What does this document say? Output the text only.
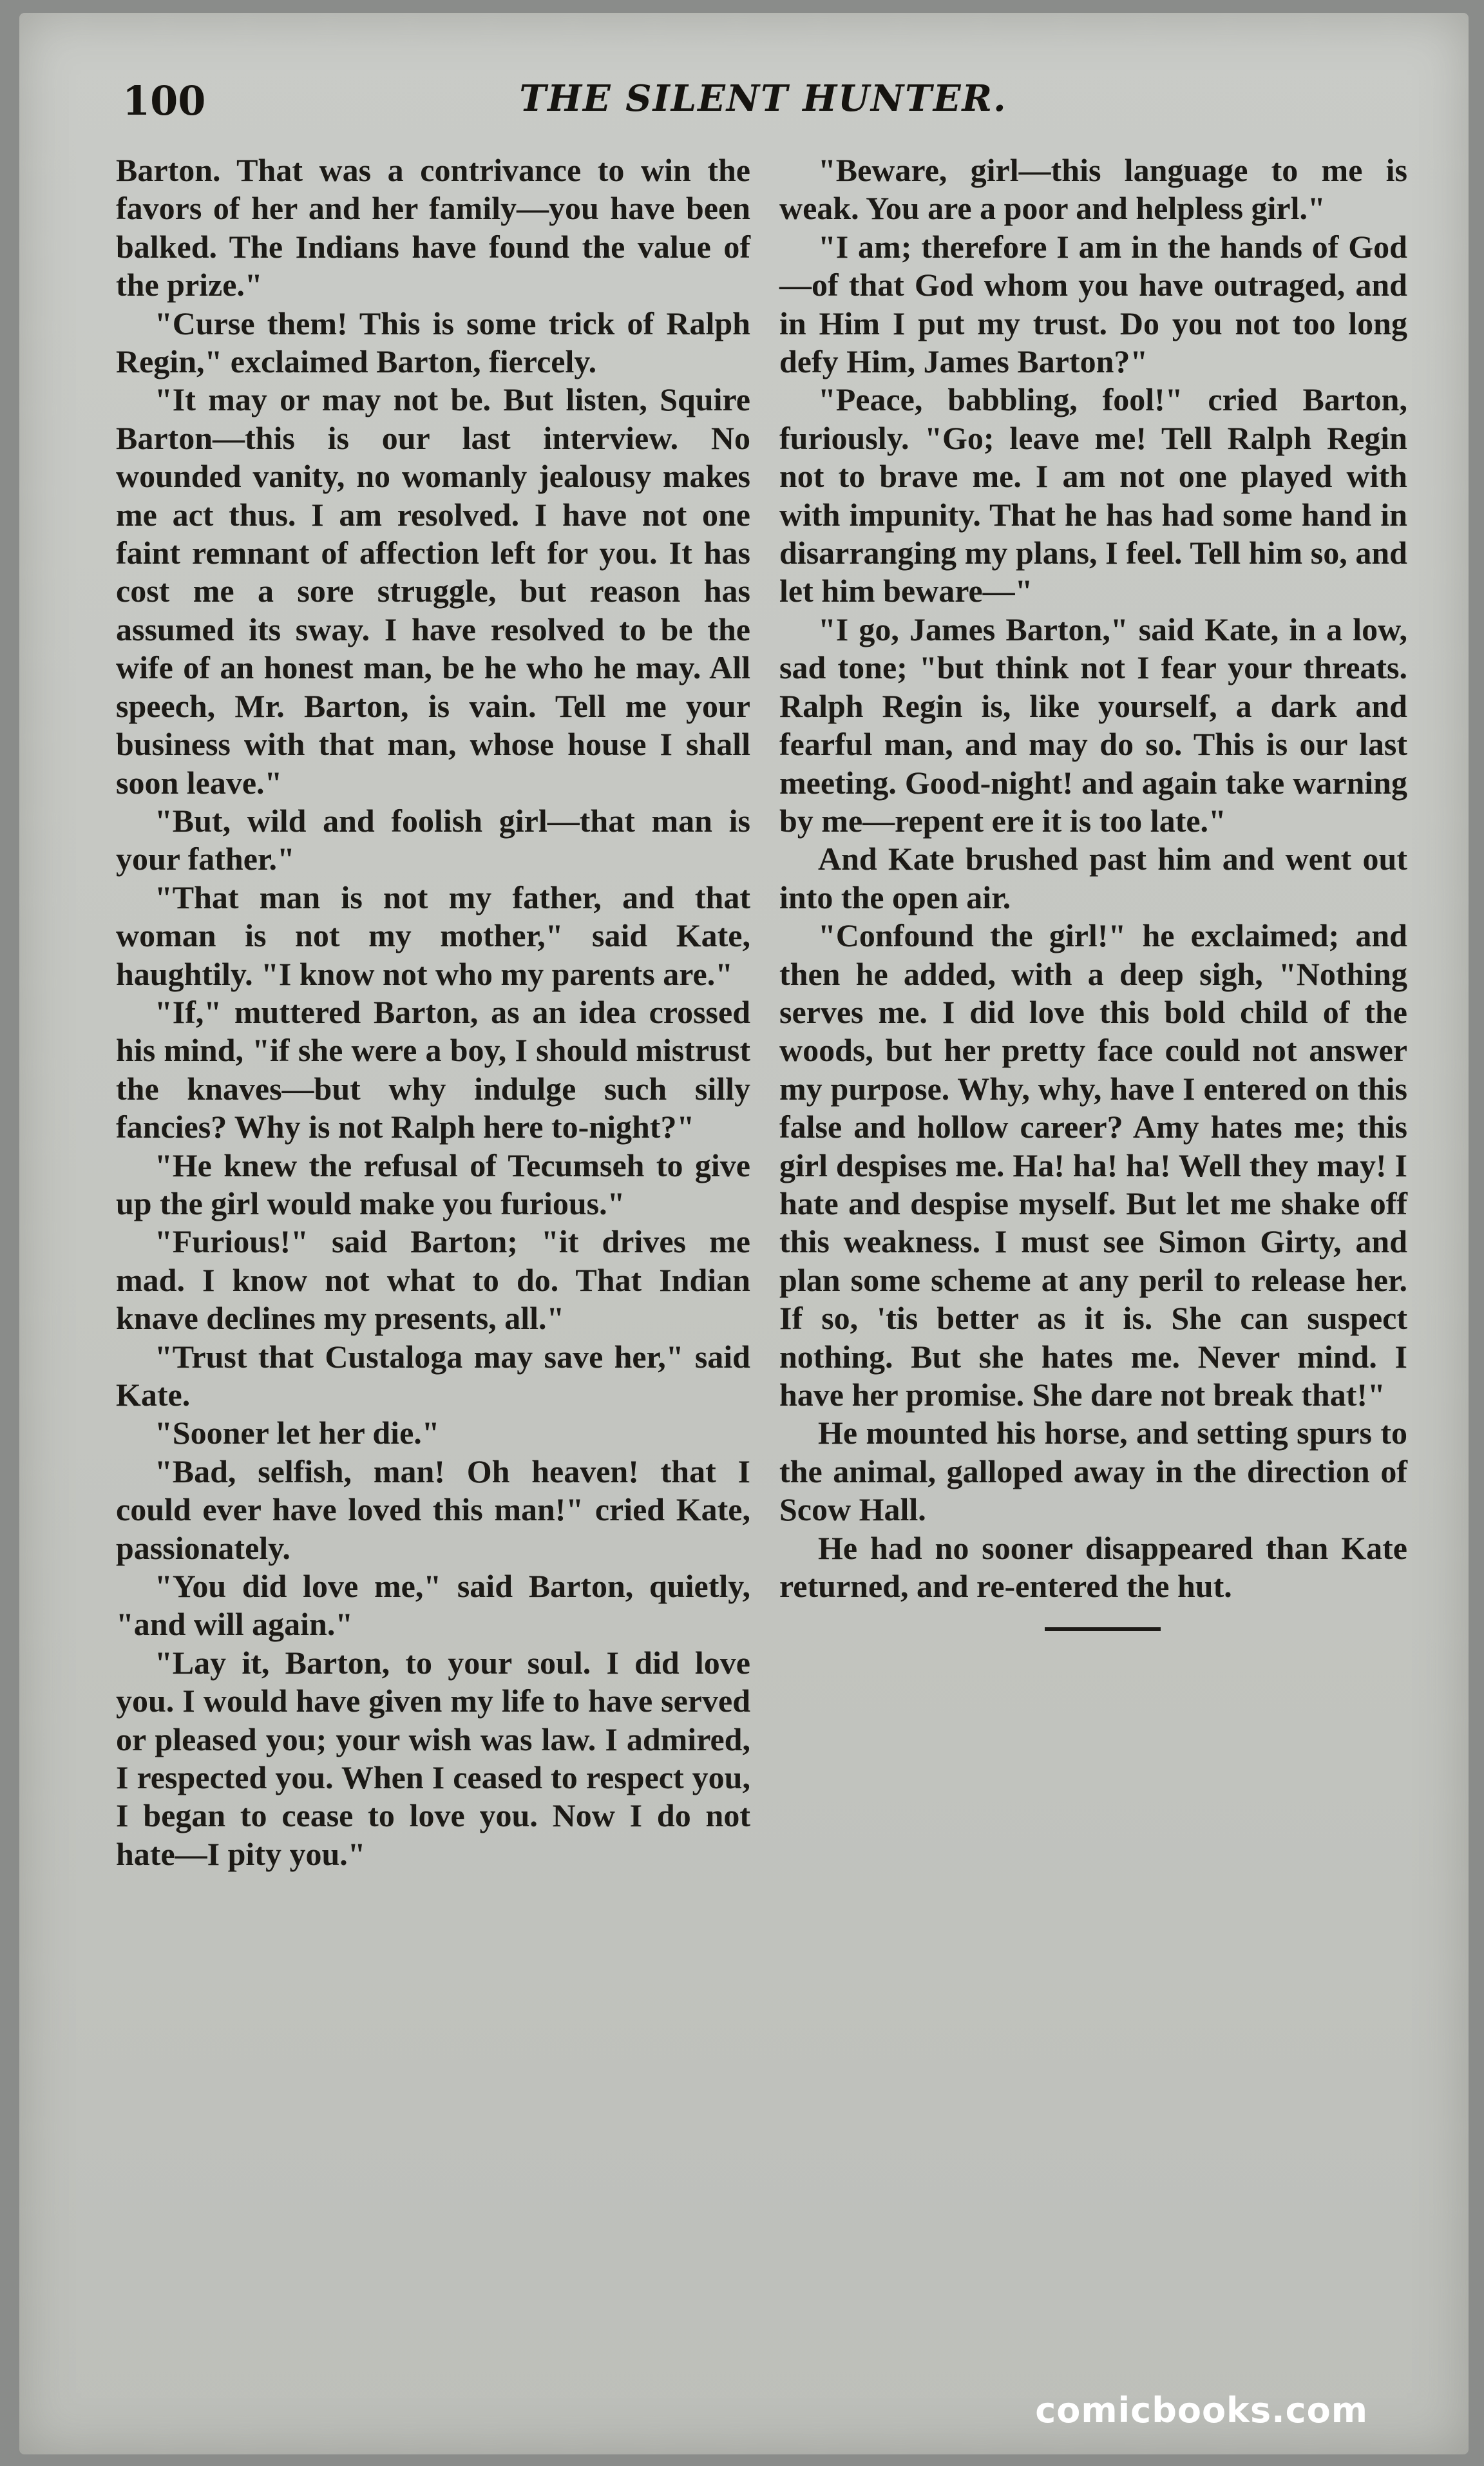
100	THE SILENT HUNTER.

Barton. That was a contrivance to win the favors of her and her family—you have been balked. The Indians have found the value of the prize."

"Curse them! This is some trick of Ralph Regin," exclaimed Barton, fiercely.

"It may or may not be. But listen, Squire Barton—this is our last interview. No wounded vanity, no womanly jealousy makes me act thus. I am resolved. I have not one faint remnant of affection left for you. It has cost me a sore struggle, but reason has assumed its sway. I have resolved to be the wife of an honest man, be he who he may. All speech, Mr. Barton, is vain. Tell me your business with that man, whose house I shall soon leave."

"But, wild and foolish girl—that man is your father."

"That man is not my father, and that woman is not my mother," said Kate, haughtily. "I know not who my parents are."

"If," muttered Barton, as an idea crossed his mind, "if she were a boy, I should mistrust the knaves—but why indulge such silly fancies? Why is not Ralph here to-night?"

"He knew the refusal of Tecumseh to give up the girl would make you furious."

"Furious!" said Barton; "it drives me mad. I know not what to do. That Indian knave declines my presents, all."

"Trust that Custaloga may save her," said Kate.

"Sooner let her die."

"Bad, selfish, man! Oh heaven! that I could ever have loved this man!" cried Kate, passionately.

"You did love me," said Barton, quietly, "and will again."

"Lay it, Barton, to your soul. I did love you. I would have given my life to have served or pleased you; your wish was law. I admired, I respected you. When I ceased to respect you, I began to cease to love you. Now I do not hate—I pity you."

"Beware, girl—this language to me is weak. You are a poor and helpless girl."

"I am; therefore I am in the hands of God—of that God whom you have outraged, and in Him I put my trust. Do you not too long defy Him, James Barton?"

"Peace, babbling, fool!" cried Barton, furiously. "Go; leave me! Tell Ralph Regin not to brave me. I am not one played with with impunity. That he has had some hand in disarranging my plans, I feel. Tell him so, and let him beware—"

"I go, James Barton," said Kate, in a low, sad tone; "but think not I fear your threats. Ralph Regin is, like yourself, a dark and fearful man, and may do so. This is our last meeting. Good-night! and again take warning by me—repent ere it is too late."

And Kate brushed past him and went out into the open air.

"Confound the girl!" he exclaimed; and then he added, with a deep sigh, "Nothing serves me. I did love this bold child of the woods, but her pretty face could not answer my purpose. Why, why, have I entered on this false and hollow career? Amy hates me; this girl despises me. Ha! ha! ha! Well they may! I hate and despise myself. But let me shake off this weakness. I must see Simon Girty, and plan some scheme at any peril to release her. If so, 'tis better as it is. She can suspect nothing. But she hates me. Never mind. I have her promise. She dare not break that!"

He mounted his horse, and setting spurs to the animal, galloped away in the direction of Scow Hall.

He had no sooner disappeared than Kate returned, and re-entered the hut.

comicbooks.com
